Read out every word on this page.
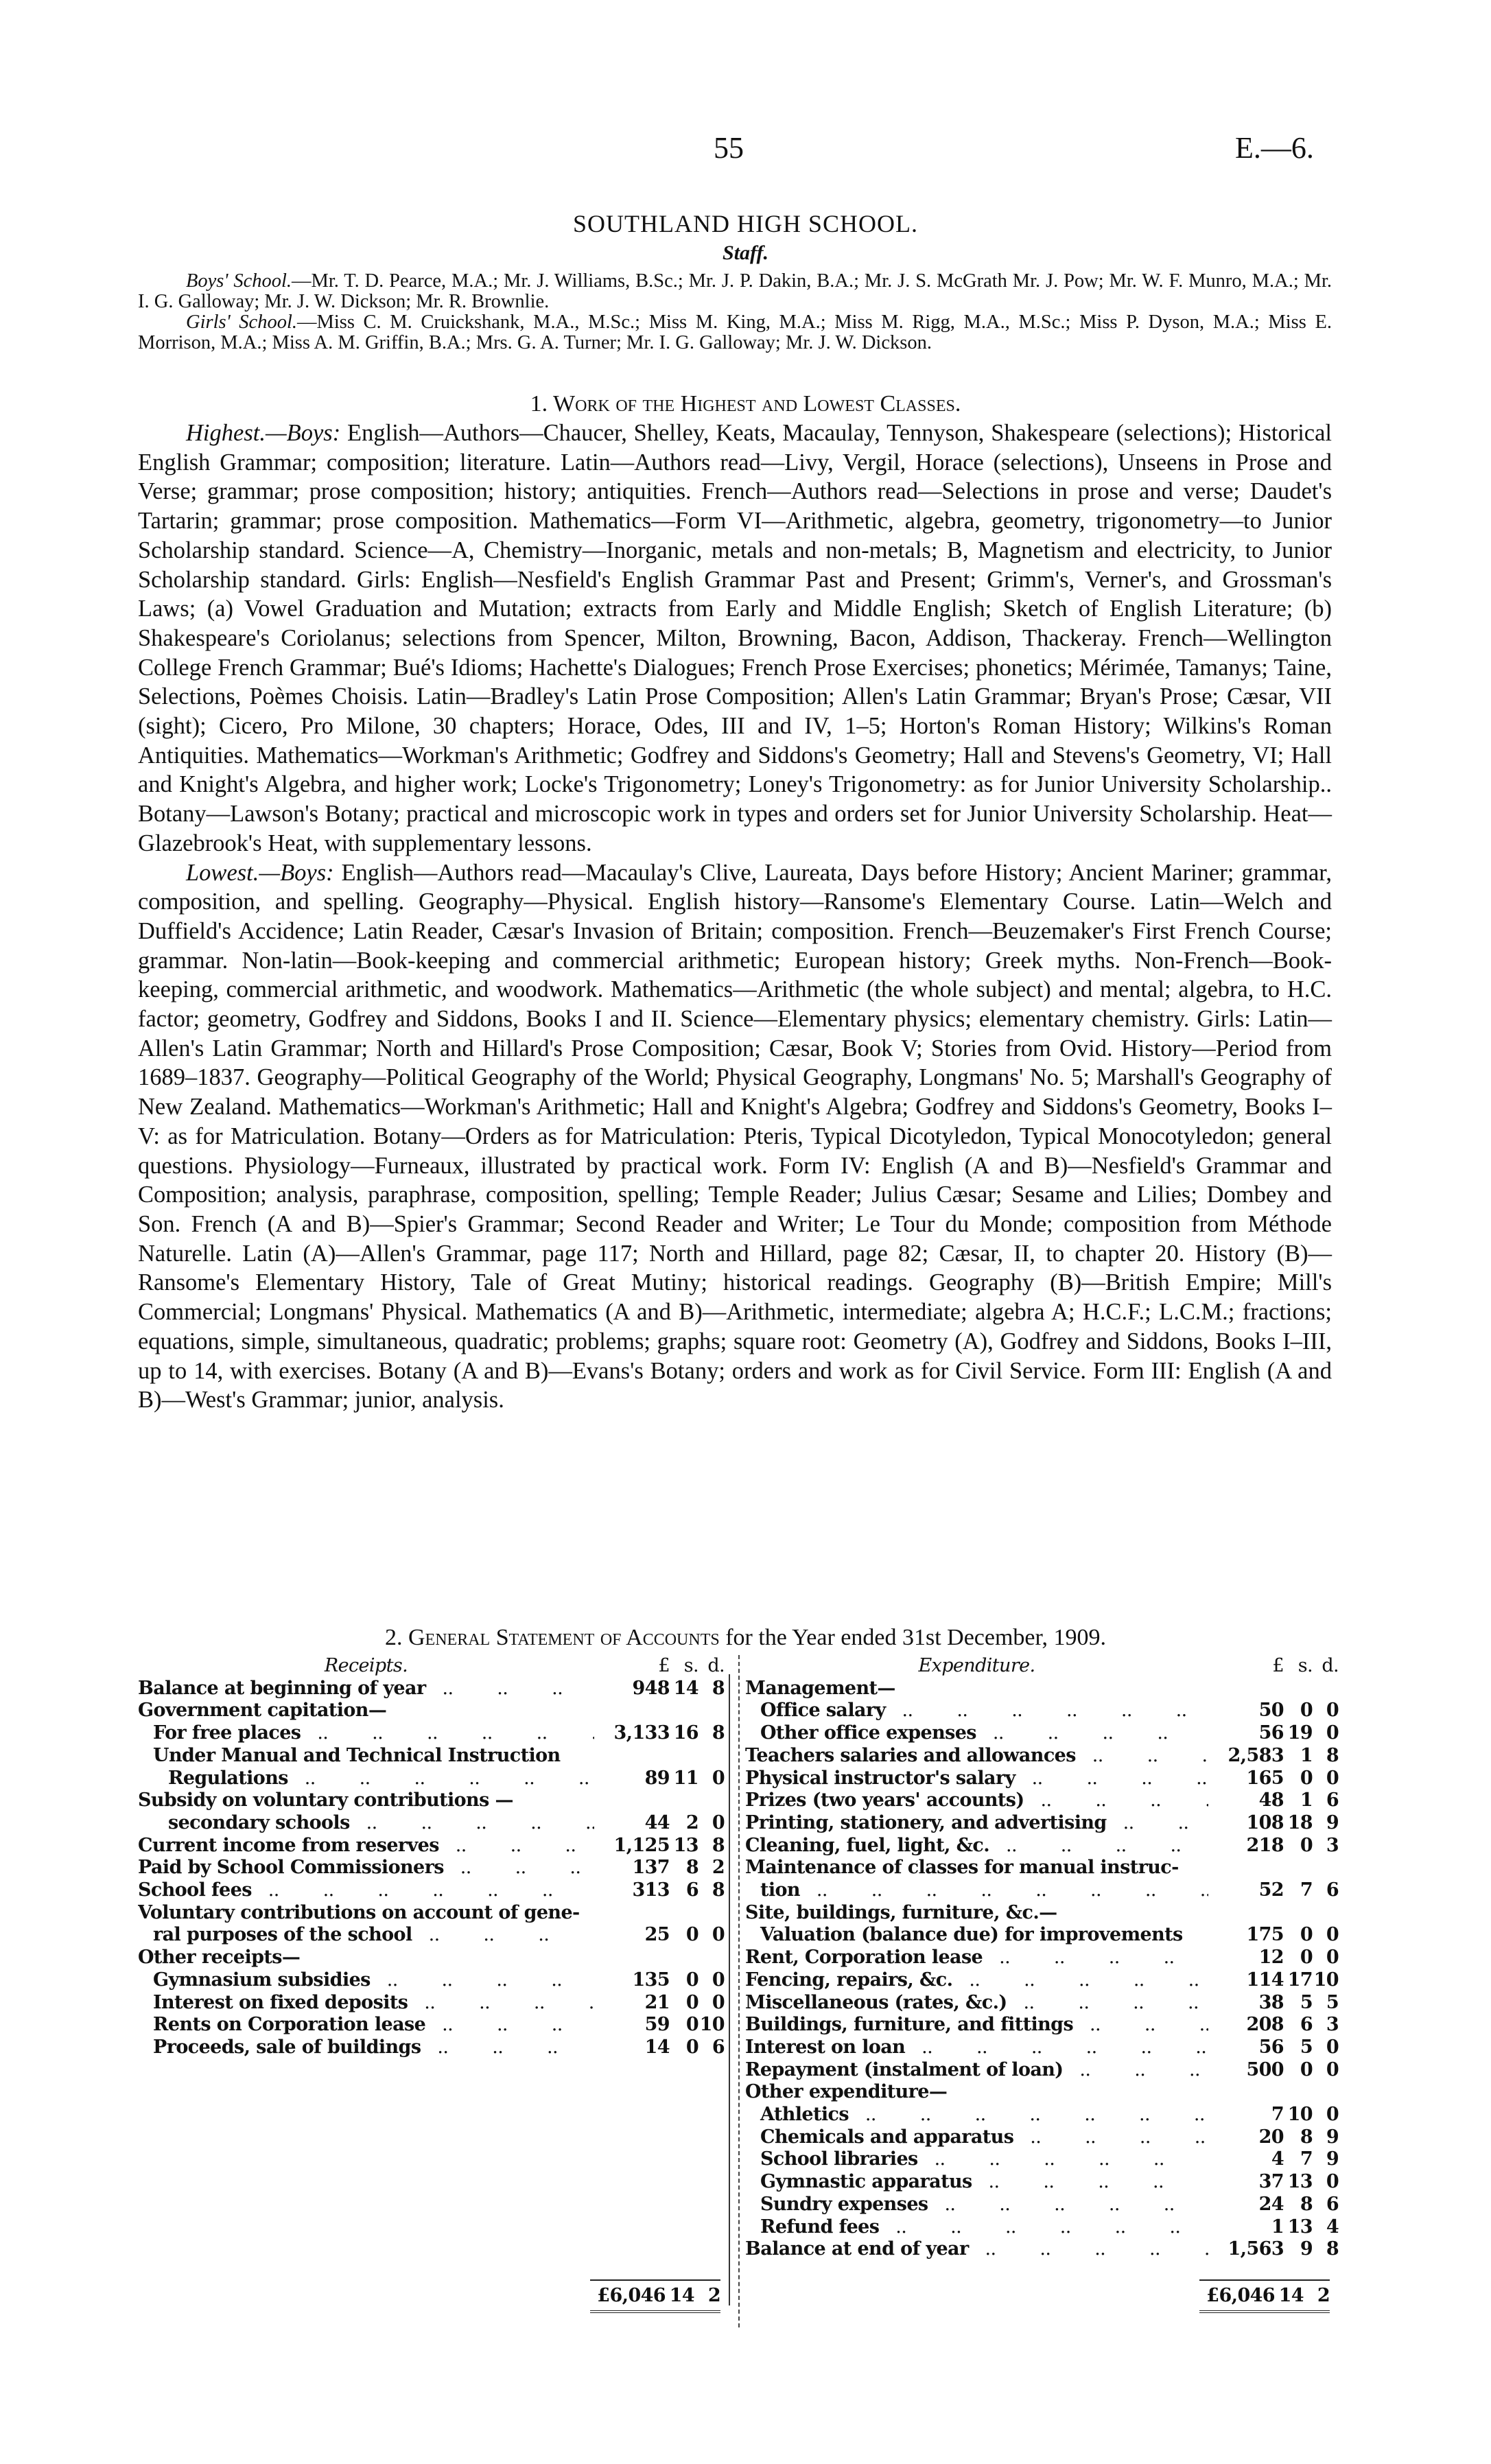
55	E.—6.
SOUTHLAND HIGH SCHOOL.
Staff.

Boys' School.—Mr. T. D. Pearce, M.A.; Mr. J. Williams, B.Sc.; Mr. J. P. Dakin, B.A.; Mr. J. S. McGrath Mr. J. Pow; Mr. W. F. Munro, M.A.; Mr. I. G. Galloway; Mr. J. W. Dickson; Mr. R. Brownlie.

Girls' School.—Miss C. M. Cruickshank, M.A., M.Sc.; Miss M. King, M.A.; Miss M. Rigg, M.A., M.Sc.; Miss P. Dyson, M.A.; Miss E. Morrison, M.A.; Miss A. M. Griffin, B.A.; Mrs. G. A. Turner; Mr. I. G. Galloway; Mr. J. W. Dickson.

1. Work of the Highest and Lowest Classes.

Highest.—Boys: English—Authors—Chaucer, Shelley, Keats, Macaulay, Tennyson, Shakespeare (selections); Historical English Grammar; composition; literature. Latin—Authors read—Livy, Vergil, Horace (selections), Unseens in Prose and Verse; grammar; prose composition; history; antiquities. French—Authors read—Selections in prose and verse; Daudet's Tartarin; grammar; prose composition. Mathematics—Form VI—Arithmetic, algebra, geometry, trigonometry—to Junior Scholarship standard. Science—A, Chemistry—Inorganic, metals and non-metals; B, Magnetism and electricity, to Junior Scholarship standard. Girls: English—Nesfield's English Grammar Past and Present; Grimm's, Verner's, and Grossman's Laws; (a) Vowel Graduation and Mutation; extracts from Early and Middle English; Sketch of English Literature; (b) Shakespeare's Coriolanus; selections from Spencer, Milton, Browning, Bacon, Addison, Thackeray. French—Wellington College French Grammar; Bué's Idioms; Hachette's Dialogues; French Prose Exercises; phonetics; Mérimée, Tamanys; Taine, Selections, Poèmes Choisis. Latin—Bradley's Latin Prose Composition; Allen's Latin Grammar; Bryan's Prose; Cæsar, VII (sight); Cicero, Pro Milone, 30 chapters; Horace, Odes, III and IV, 1–5; Horton's Roman History; Wilkins's Roman Antiquities. Mathematics—Workman's Arithmetic; Godfrey and Siddons's Geometry; Hall and Stevens's Geometry, VI; Hall and Knight's Algebra, and higher work; Locke's Trigonometry; Loney's Trigonometry: as for Junior University Scholarship.. Botany—Lawson's Botany; practical and microscopic work in types and orders set for Junior University Scholarship. Heat—Glazebrook's Heat, with supplementary lessons.

Lowest.—Boys: English—Authors read—Macaulay's Clive, Laureata, Days before History; Ancient Mariner; grammar, composition, and spelling. Geography—Physical. English history—Ransome's Elementary Course. Latin—Welch and Duffield's Accidence; Latin Reader, Cæsar's Invasion of Britain; composition. French—Beuzemaker's First French Course; grammar. Non-latin—Book-keeping and commercial arithmetic; European history; Greek myths. Non-French—Book-keeping, commercial arithmetic, and woodwork. Mathematics—Arithmetic (the whole subject) and mental; algebra, to H.C. factor; geometry, Godfrey and Siddons, Books I and II. Science—Elementary physics; elementary chemistry. Girls: Latin—Allen's Latin Grammar; North and Hillard's Prose Composition; Cæsar, Book V; Stories from Ovid. History—Period from 1689–1837. Geography—Political Geography of the World; Physical Geography, Longmans' No. 5; Marshall's Geography of New Zealand. Mathematics—Workman's Arithmetic; Hall and Knight's Algebra; Godfrey and Siddons's Geometry, Books I–V: as for Matriculation. Botany—Orders as for Matriculation: Pteris, Typical Dicotyledon, Typical Monocotyledon; general questions. Physiology—Furneaux, illustrated by practical work. Form IV: English (A and B)—Nesfield's Grammar and Composition; analysis, paraphrase, composition, spelling; Temple Reader; Julius Cæsar; Sesame and Lilies; Dombey and Son. French (A and B)—Spier's Grammar; Second Reader and Writer; Le Tour du Monde; composition from Méthode Naturelle. Latin (A)—Allen's Grammar, page 117; North and Hillard, page 82; Cæsar, II, to chapter 20. History (B)—Ransome's Elementary History, Tale of Great Mutiny; historical readings. Geography (B)—British Empire; Mill's Commercial; Longmans' Physical. Mathematics (A and B)—Arithmetic, intermediate; algebra A; H.C.F.; L.C.M.; fractions; equations, simple, simultaneous, quadratic; problems; graphs; square root: Geometry (A), Godfrey and Siddons, Books I–III, up to 14, with exercises. Botany (A and B)—Evans's Botany; orders and work as for Civil Service. Form III: English (A and B)—West's Grammar; junior, analysis.

2. General Statement of Accounts for the Year ended 31st December, 1909.
Receipts.	£ s. d.
Balance at beginning of year ..	948 14 8
Government capitation—
For free places ..	3,133 16 8
Under Manual and Technical Instruction
Regulations ..	89 11 0
Subsidy on voluntary contributions —
secondary schools ..	44 2 0
Current income from reserves ..	1,125 13 8
Paid by School Commissioners ..	137 8 2
School fees ..	313 6 8
Voluntary contributions on account of gene-
ral purposes of the school ..	25 0 0
Other receipts—
Gymnasium subsidies ..	135 0 0
Interest on fixed deposits ..	21 0 0
Rents on Corporation lease ..	59 0 10
Proceeds, sale of buildings ..	14 0 6
Expenditure.	£ s. d.
Management—
Office salary ..	50 0 0
Other office expenses ..	56 19 0
Teachers salaries and allowances ..	2,583 1 8
Physical instructor's salary ..	165 0 0
Prizes (two years' accounts) ..	48 1 6
Printing, stationery, and advertising ..	108 18 9
Cleaning, fuel, light, &c. ..	218 0 3
Maintenance of classes for manual instruc-
tion ..	52 7 6
Site, buildings, furniture, &c.—
Valuation (balance due) for improvements	175 0 0
Rent, Corporation lease ..	12 0 0
Fencing, repairs, &c. ..	114 17 10
Miscellaneous (rates, &c.) ..	38 5 5
Buildings, furniture, and fittings ..	208 6 3
Interest on loan ..	56 5 0
Repayment (instalment of loan) ..	500 0 0
Other expenditure—
Athletics ..	7 10 0
Chemicals and apparatus ..	20 8 9
School libraries ..	4 7 9
Gymnastic apparatus ..	37 13 0
Sundry expenses ..	24 8 6
Refund fees ..	1 13 4
Balance at end of year ..	1,563 9 8
£6,046 14 2	£6,046 14 2
